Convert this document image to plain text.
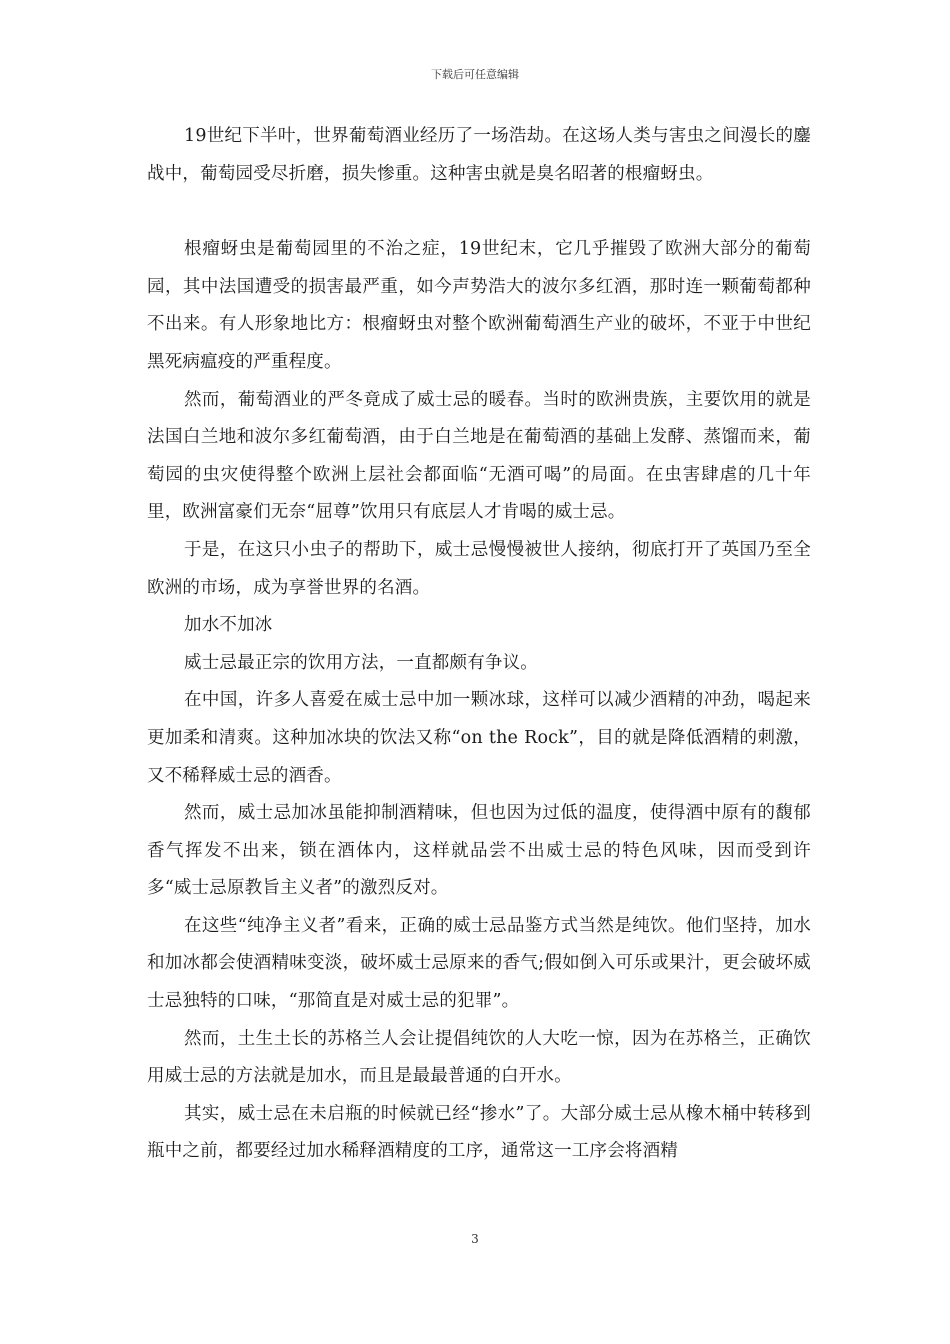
下载后可任意编辑

19世纪下半叶，世界葡萄酒业经历了一场浩劫。在这场人类与害虫之间漫长的鏖战中，葡萄园受尽折磨，损失惨重。这种害虫就是臭名昭著的根瘤蚜虫。

根瘤蚜虫是葡萄园里的不治之症，19世纪末，它几乎摧毁了欧洲大部分的葡萄园，其中法国遭受的损害最严重，如今声势浩大的波尔多红酒，那时连一颗葡萄都种不出来。有人形象地比方：根瘤蚜虫对整个欧洲葡萄酒生产业的破坏，不亚于中世纪黑死病瘟疫的严重程度。

然而，葡萄酒业的严冬竟成了威士忌的暖春。当时的欧洲贵族，主要饮用的就是法国白兰地和波尔多红葡萄酒，由于白兰地是在葡萄酒的基础上发酵、蒸馏而来，葡萄园的虫灾使得整个欧洲上层社会都面临“无酒可喝”的局面。在虫害肆虐的几十年里，欧洲富豪们无奈“屈尊”饮用只有底层人才肯喝的威士忌。

于是，在这只小虫子的帮助下，威士忌慢慢被世人接纳，彻底打开了英国乃至全欧洲的市场，成为享誉世界的名酒。

加水不加冰

威士忌最正宗的饮用方法，一直都颇有争议。

在中国，许多人喜爱在威士忌中加一颗冰球，这样可以减少酒精的冲劲，喝起来更加柔和清爽。这种加冰块的饮法又称“on the Rock”，目的就是降低酒精的刺激，又不稀释威士忌的酒香。

然而，威士忌加冰虽能抑制酒精味，但也因为过低的温度，使得酒中原有的馥郁香气挥发不出来，锁在酒体内，这样就品尝不出威士忌的特色风味，因而受到许多“威士忌原教旨主义者”的激烈反对。

在这些“纯净主义者”看来，正确的威士忌品鉴方式当然是纯饮。他们坚持，加水和加冰都会使酒精味变淡，破坏威士忌原来的香气;假如倒入可乐或果汁，更会破坏威士忌独特的口味，“那简直是对威士忌的犯罪”。

然而，土生土长的苏格兰人会让提倡纯饮的人大吃一惊，因为在苏格兰，正确饮用威士忌的方法就是加水，而且是最最普通的白开水。

其实，威士忌在未启瓶的时候就已经“掺水”了。大部分威士忌从橡木桶中转移到瓶中之前，都要经过加水稀释酒精度的工序，通常这一工序会将酒精

3
